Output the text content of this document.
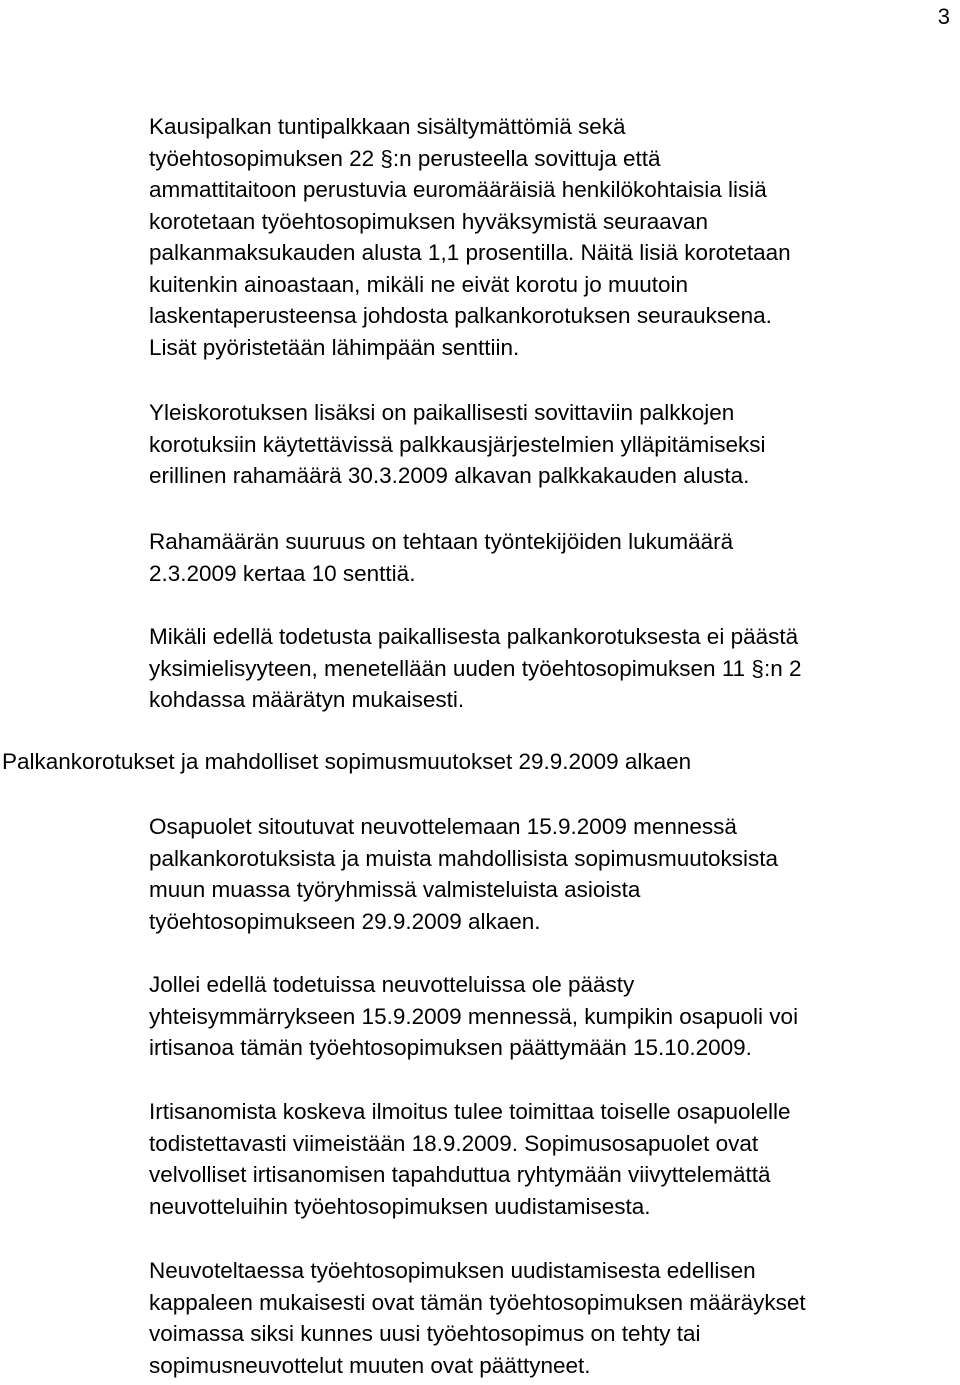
3

Kausipalkan tuntipalkkaan sisältymättömiä sekä
työehtosopimuksen 22 §:n perusteella sovittuja että
ammattitaitoon perustuvia euromääräisiä henkilökohtaisia lisiä
korotetaan työehtosopimuksen hyväksymistä seuraavan
palkanmaksukauden alusta 1,1 prosentilla. Näitä lisiä korotetaan
kuitenkin ainoastaan, mikäli ne eivät korotu jo muutoin
laskentaperusteensa johdosta palkankorotuksen seurauksena.
Lisät pyöristetään lähimpään senttiin.

Yleiskorotuksen lisäksi on paikallisesti sovittaviin palkkojen
korotuksiin käytettävissä palkkausjärjestelmien ylläpitämiseksi
erillinen rahamäärä 30.3.2009 alkavan palkkakauden alusta.

Rahamäärän suuruus on tehtaan työntekijöiden lukumäärä
2.3.2009 kertaa 10 senttiä.

Mikäli edellä todetusta paikallisesta palkankorotuksesta ei päästä
yksimielisyyteen, menetellään uuden työehtosopimuksen 11 §:n 2
kohdassa määrätyn mukaisesti.

Palkankorotukset ja mahdolliset sopimusmuutokset 29.9.2009 alkaen

Osapuolet sitoutuvat neuvottelemaan 15.9.2009 mennessä
palkankorotuksista ja muista mahdollisista sopimusmuutoksista
muun muassa työryhmissä valmisteluista asioista
työehtosopimukseen 29.9.2009 alkaen.

Jollei edellä todetuissa neuvotteluissa ole päästy
yhteisymmärrykseen 15.9.2009 mennessä, kumpikin osapuoli voi
irtisanoa tämän työehtosopimuksen päättymään 15.10.2009.

Irtisanomista koskeva ilmoitus tulee toimittaa toiselle osapuolelle
todistettavasti viimeistään 18.9.2009. Sopimusosapuolet ovat
velvolliset irtisanomisen tapahduttua ryhtymään viivyttelemättä
neuvotteluihin työehtosopimuksen uudistamisesta.

Neuvoteltaessa työehtosopimuksen uudistamisesta edellisen
kappaleen mukaisesti ovat tämän työehtosopimuksen määräykset
voimassa siksi kunnes uusi työehtosopimus on tehty tai
sopimusneuvottelut muuten ovat päättyneet.
